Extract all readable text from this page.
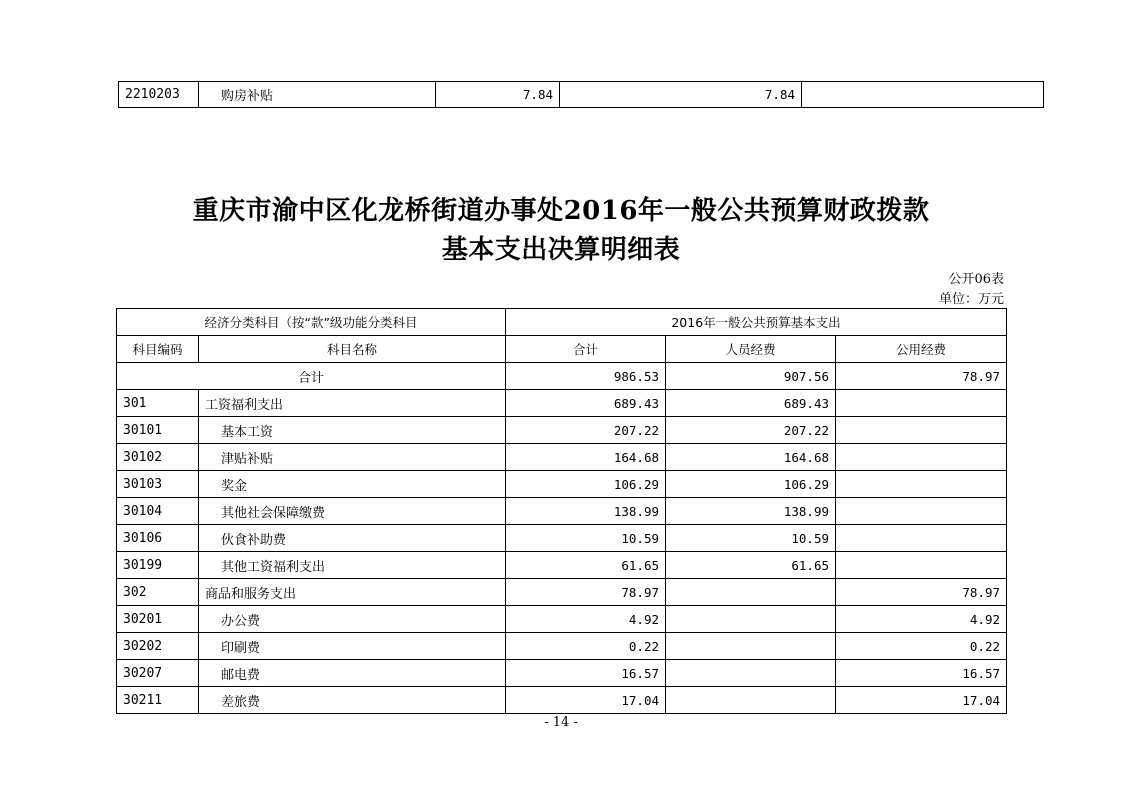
2210203	购房补贴	7.84	7.84	
重庆市渝中区化龙桥街道办事处2016年一般公共预算财政拨款
基本支出决算明细表
公开06表
单位：万元
经济分类科目（按“款”级功能分类科目		2016年一般公共预算基本支出		
科目编码	科目名称	合计	人员经费	公用经费
合计		986.53	907.56	78.97
301	工资福利支出	689.43	689.43	
30101	基本工资	207.22	207.22	
30102	津贴补贴	164.68	164.68	
30103	奖金	106.29	106.29	
30104	其他社会保障缴费	138.99	138.99	
30106	伙食补助费	10.59	10.59	
30199	其他工资福利支出	61.65	61.65	
302	商品和服务支出	78.97		78.97
30201	办公费	4.92		4.92
30202	印刷费	0.22		0.22
30207	邮电费	16.57		16.57
30211	差旅费	17.04		17.04
- 14 -
